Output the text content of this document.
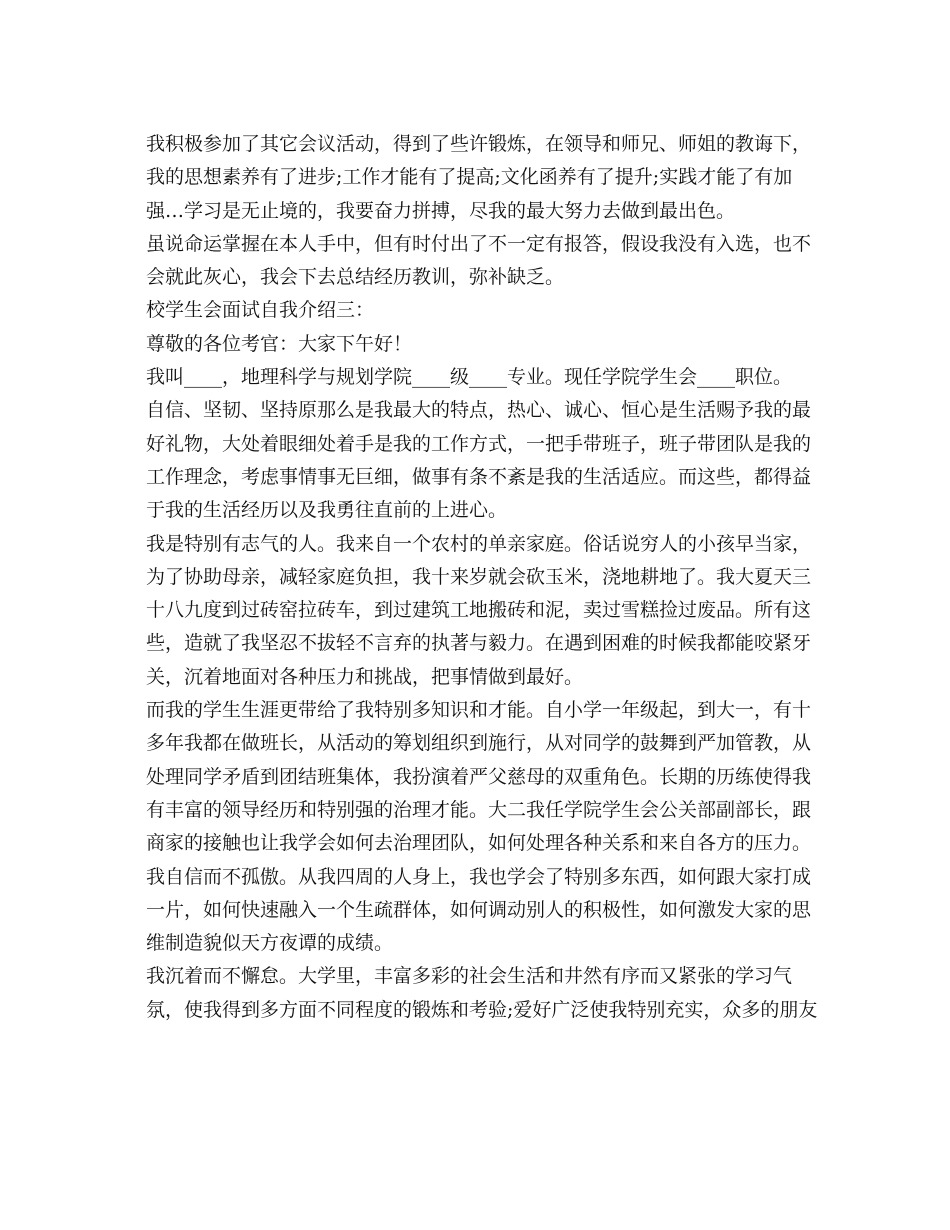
我积极参加了其它会议活动，得到了些许锻炼，在领导和师兄、师姐的教诲下，
我的思想素养有了进步;工作才能有了提高;文化函养有了提升;实践才能了有加
强…学习是无止境的，我要奋力拼搏，尽我的最大努力去做到最出色。
虽说命运掌握在本人手中，但有时付出了不一定有报答，假设我没有入选，也不
会就此灰心，我会下去总结经历教训，弥补缺乏。
校学生会面试自我介绍三：
尊敬的各位考官：大家下午好！
我叫____，地理科学与规划学院____级____专业。现任学院学生会____职位。
自信、坚韧、坚持原那么是我最大的特点，热心、诚心、恒心是生活赐予我的最
好礼物，大处着眼细处着手是我的工作方式，一把手带班子，班子带团队是我的
工作理念，考虑事情事无巨细，做事有条不紊是我的生活适应。而这些，都得益
于我的生活经历以及我勇往直前的上进心。
我是特别有志气的人。我来自一个农村的单亲家庭。俗话说穷人的小孩早当家，
为了协助母亲，减轻家庭负担，我十来岁就会砍玉米，浇地耕地了。我大夏天三
十八九度到过砖窑拉砖车，到过建筑工地搬砖和泥，卖过雪糕捡过废品。所有这
些，造就了我坚忍不拔轻不言弃的执著与毅力。在遇到困难的时候我都能咬紧牙
关，沉着地面对各种压力和挑战，把事情做到最好。
而我的学生生涯更带给了我特别多知识和才能。自小学一年级起，到大一，有十
多年我都在做班长，从活动的筹划组织到施行，从对同学的鼓舞到严加管教，从
处理同学矛盾到团结班集体，我扮演着严父慈母的双重角色。长期的历练使得我
有丰富的领导经历和特别强的治理才能。大二我任学院学生会公关部副部长，跟
商家的接触也让我学会如何去治理团队，如何处理各种关系和来自各方的压力。
我自信而不孤傲。从我四周的人身上，我也学会了特别多东西，如何跟大家打成
一片，如何快速融入一个生疏群体，如何调动别人的积极性，如何激发大家的思
维制造貌似天方夜谭的成绩。
我沉着而不懈怠。大学里，丰富多彩的社会生活和井然有序而又紧张的学习气
氛，使我得到多方面不同程度的锻炼和考验;爱好广泛使我特别充实，众多的朋友
